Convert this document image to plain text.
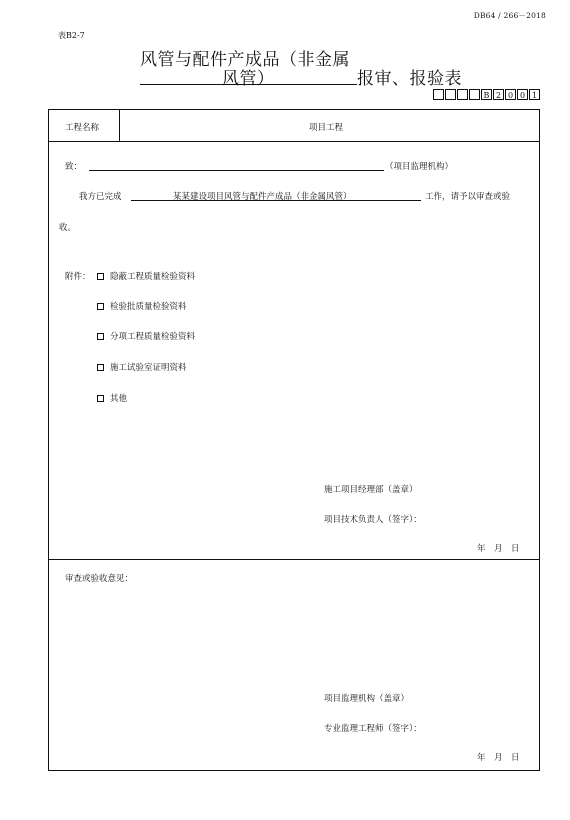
DB64 / 266－2018
表B2-7
风管与配件产成品（非金属
风管）	报审、报验表
B 2 0 0 1
工程名称	项目工程
致：	（项目监理机构）
我方已完成	某某建设项目风管与配件产成品（非金属风管）	工作，请予以审查或验
收。
附件：	隐蔽工程质量检验资料
检验批质量检验资料
分项工程质量检验资料
施工试验室证明资料
其他
施工项目经理部（盖章）
项目技术负责人（签字）：
年　月　日
审查或验收意见：
项目监理机构（盖章）
专业监理工程师（签字）：
年　月　日
